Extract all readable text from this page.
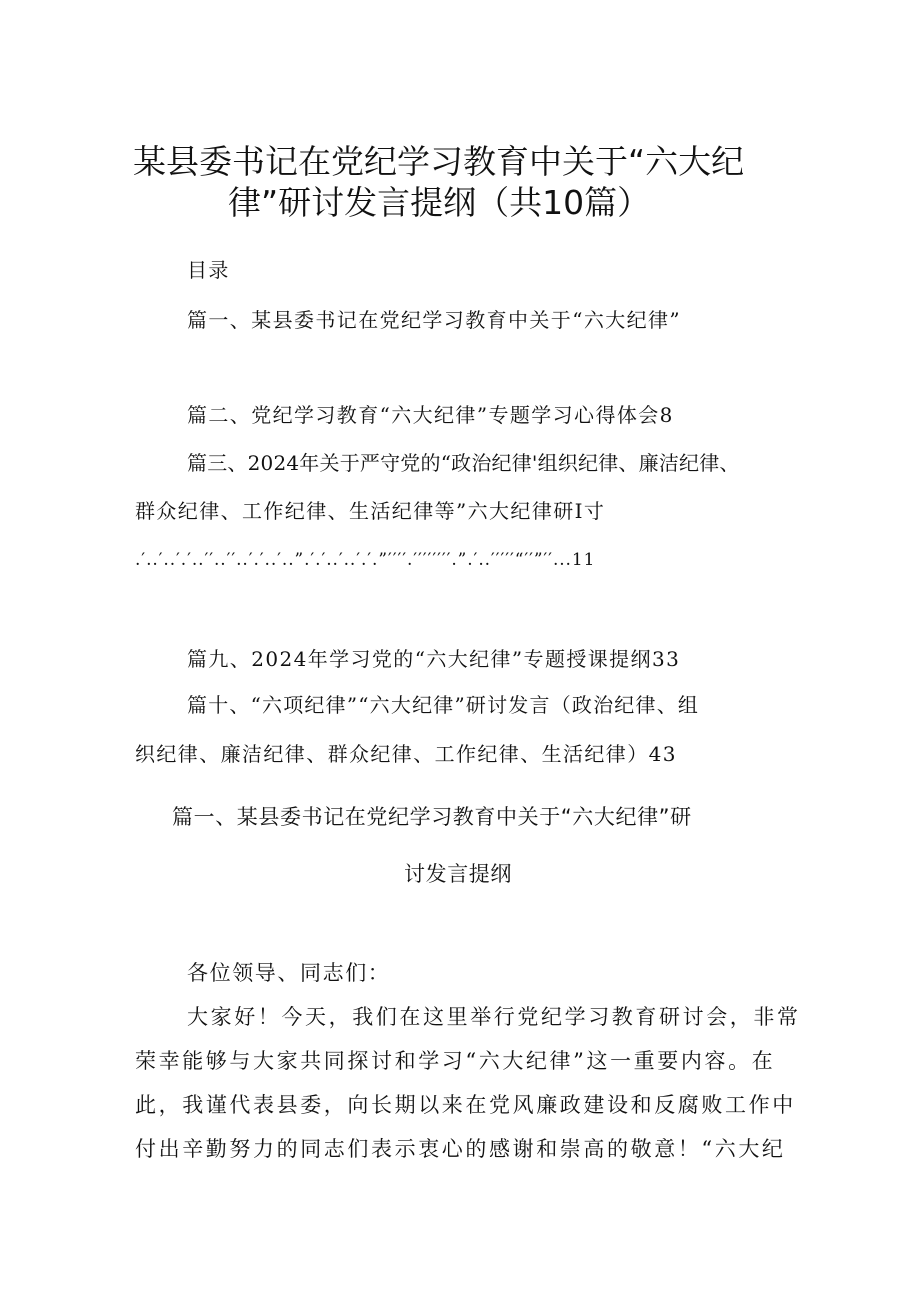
某县委书记在党纪学习教育中关于“六大纪
律”研讨发言提纲（共10篇）
目录
篇一、某县委书记在党纪学习教育中关于“六大纪律”
篇二、党纪学习教育“六大纪律”专题学习心得体会8
篇三、2024年关于严守党的“政治纪律'组织纪律、廉洁纪律、
群众纪律、工作纪律、生活纪律等”六大纪律研I寸
.′..′..′.′..′′..′′..′.′..′..”.′.′..′..′.′.”′′′′.′′′′′′′′.”.′..′′′′′“′′”′′...11
篇九、2024年学习党的“六大纪律”专题授课提纲33
篇十、“六项纪律”“六大纪律”研讨发言（政治纪律、组
织纪律、廉洁纪律、群众纪律、工作纪律、生活纪律）43
篇一、某县委书记在党纪学习教育中关于“六大纪律”研
讨发言提纲
各位领导、同志们：
大家好！今天，我们在这里举行党纪学习教育研讨会，非常
荣幸能够与大家共同探讨和学习“六大纪律”这一重要内容。在
此，我谨代表县委，向长期以来在党风廉政建设和反腐败工作中
付出辛勤努力的同志们表示衷心的感谢和崇高的敬意！“六大纪
